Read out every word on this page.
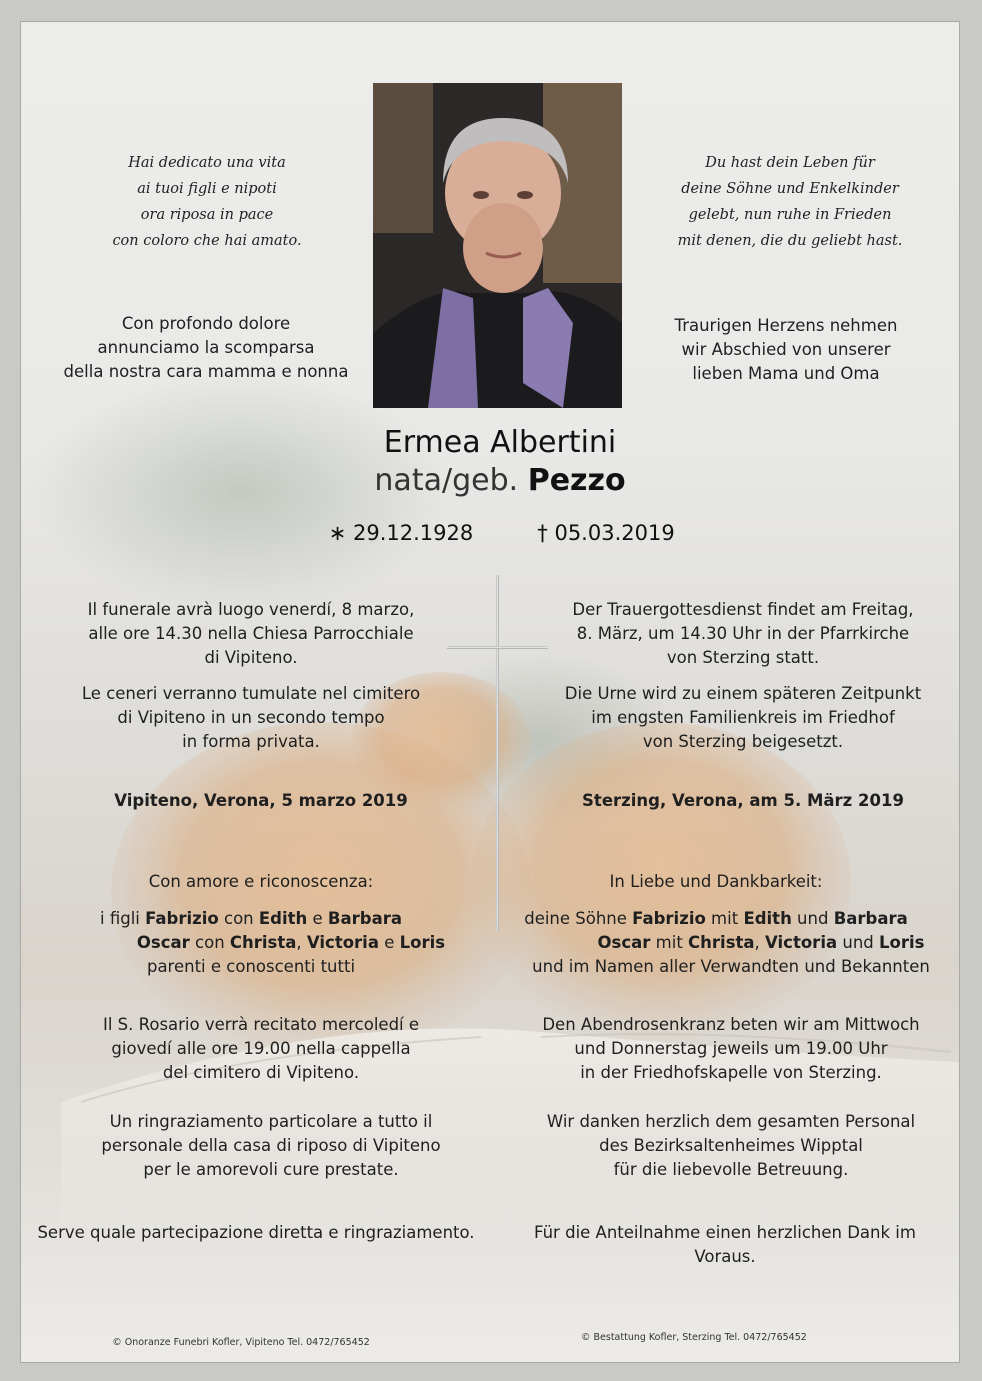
Hai dedicato una vita
ai tuoi figli e nipoti
ora riposa in pace
con coloro che hai amato.
Du hast dein Leben für
deine Söhne und Enkelkinder
gelebt, nun ruhe in Frieden
mit denen, die du geliebt hast.
Con profondo dolore
annunciamo la scomparsa
della nostra cara mamma e nonna
Traurigen Herzens nehmen
wir Abschied von unserer
lieben Mama und Oma
Ermea Albertini
nata/geb. Pezzo
∗ 29.12.1928	† 05.03.2019
Il funerale avrà luogo venerdí, 8 marzo,
alle ore 14.30 nella Chiesa Parrocchiale
di Vipiteno.
Der Trauergottesdienst findet am Freitag,
8. März, um 14.30 Uhr in der Pfarrkirche
von Sterzing statt.
Le ceneri verranno tumulate nel cimitero
di Vipiteno in un secondo tempo
in forma privata.
Die Urne wird zu einem späteren Zeitpunkt
im engsten Familienkreis im Friedhof
von Sterzing beigesetzt.
Vipiteno, Verona, 5 marzo 2019	Sterzing, Verona, am 5. März 2019
Con amore e riconoscenza:	In Liebe und Dankbarkeit:
i figli Fabrizio con Edith e Barbara
Oscar con Christa, Victoria e Loris
parenti e conoscenti tutti
deine Söhne Fabrizio mit Edith und Barbara
Oscar mit Christa, Victoria und Loris
und im Namen aller Verwandten und Bekannten
Il S. Rosario verrà recitato mercoledí e
giovedí alle ore 19.00 nella cappella
del cimitero di Vipiteno.
Den Abendrosenkranz beten wir am Mittwoch
und Donnerstag jeweils um 19.00 Uhr
in der Friedhofskapelle von Sterzing.
Un ringraziamento particolare a tutto il
personale della casa di riposo di Vipiteno
per le amorevoli cure prestate.
Wir danken herzlich dem gesamten Personal
des Bezirksaltenheimes Wipptal
für die liebevolle Betreuung.
Serve quale partecipazione diretta e ringraziamento.	Für die Anteilnahme einen herzlichen Dank im Voraus.
© Onoranze Funebri Kofler, Vipiteno Tel. 0472/765452	© Bestattung Kofler, Sterzing Tel. 0472/765452
